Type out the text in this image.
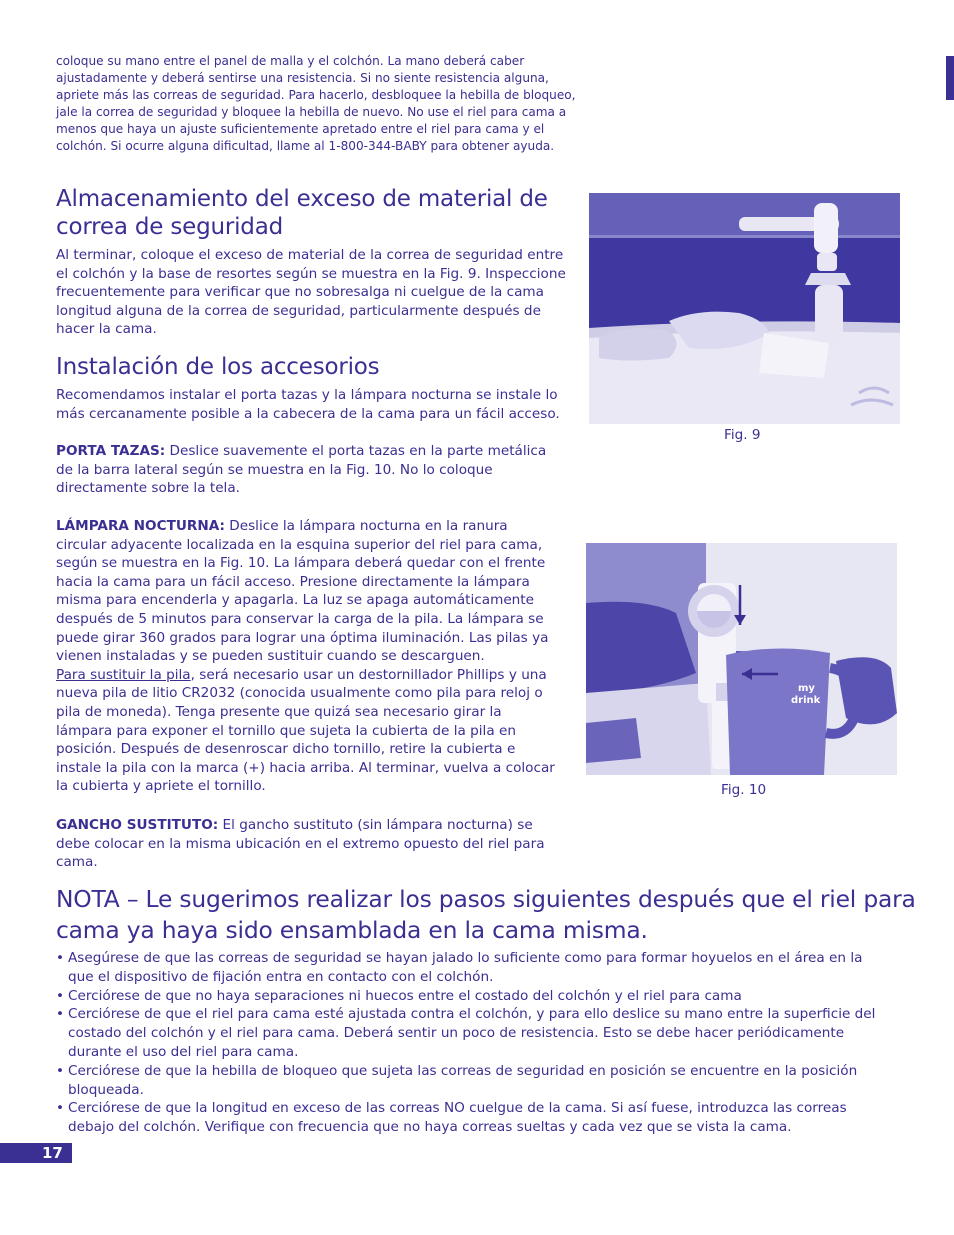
coloque su mano entre el panel de malla y el colchón. La mano deberá caber ajustadamente y deberá sentirse una resistencia. Si no siente resistencia alguna, apriete más las correas de seguridad. Para hacerlo, desbloquee la hebilla de bloqueo, jale la correa de seguridad y bloquee la hebilla de nuevo. No use el riel para cama a menos que haya un ajuste suficientemente apretado entre el riel para cama y el colchón. Si ocurre alguna dificultad, llame al 1-800-344-BABY para obtener ayuda.

Almacenamiento del exceso de material de correa de seguridad

Al terminar, coloque el exceso de material de la correa de seguridad entre el colchón y la base de resortes según se muestra en la Fig. 9. Inspeccione frecuentemente para verificar que no sobresalga ni cuelgue de la cama longitud alguna de la correa de seguridad, particularmente después de hacer la cama.

Instalación de los accesorios

Recomendamos instalar el porta tazas y la lámpara nocturna se instale lo más cercanamente posible a la cabecera de la cama para un fácil acceso.

PORTA TAZAS: Deslice suavemente el porta tazas en la parte metálica de la barra lateral según se muestra en la Fig. 10. No lo coloque directamente sobre la tela.

LÁMPARA NOCTURNA: Deslice la lámpara nocturna en la ranura circular adyacente localizada en la esquina superior del riel para cama, según se muestra en la Fig. 10. La lámpara deberá quedar con el frente hacia la cama para un fácil acceso. Presione directamente la lámpara misma para encenderla y apagarla. La luz se apaga automáticamente después de 5 minutos para conservar la carga de la pila. La lámpara se puede girar 360 grados para lograr una óptima iluminación. Las pilas ya vienen instaladas y se pueden sustituir cuando se descarguen.
Para sustituir la pila, será necesario usar un destornillador Phillips y una nueva pila de litio CR2032 (conocida usualmente como pila para reloj o pila de moneda). Tenga presente que quizá sea necesario girar la lámpara para exponer el tornillo que sujeta la cubierta de la pila en posición. Después de desenroscar dicho tornillo, retire la cubierta e instale la pila con la marca (+) hacia arriba. Al terminar, vuelva a colocar la cubierta y apriete el tornillo.

GANCHO SUSTITUTO: El gancho sustituto (sin lámpara nocturna) se debe colocar en la misma ubicación en el extremo opuesto del riel para cama.

Fig. 9
my
drink
Fig. 10
NOTA – Le sugerimos realizar los pasos siguientes después que el riel para cama ya haya sido ensamblada en la cama misma.
• Asegúrese de que las correas de seguridad se hayan jalado lo suficiente como para formar hoyuelos en el área en la que el dispositivo de fijación entra en contacto con el colchón.
• Cerciórese de que no haya separaciones ni huecos entre el costado del colchón y el riel para cama
• Cerciórese de que el riel para cama esté ajustada contra el colchón, y para ello deslice su mano entre la superficie del costado del colchón y el riel para cama. Deberá sentir un poco de resistencia. Esto se debe hacer periódicamente durante el uso del riel para cama.
• Cerciórese de que la hebilla de bloqueo que sujeta las correas de seguridad en posición se encuentre en la posición bloqueada.
• Cerciórese de que la longitud en exceso de las correas NO cuelgue de la cama. Si así fuese, introduzca las correas debajo del colchón. Verifique con frecuencia que no haya correas sueltas y cada vez que se vista la cama.
17
